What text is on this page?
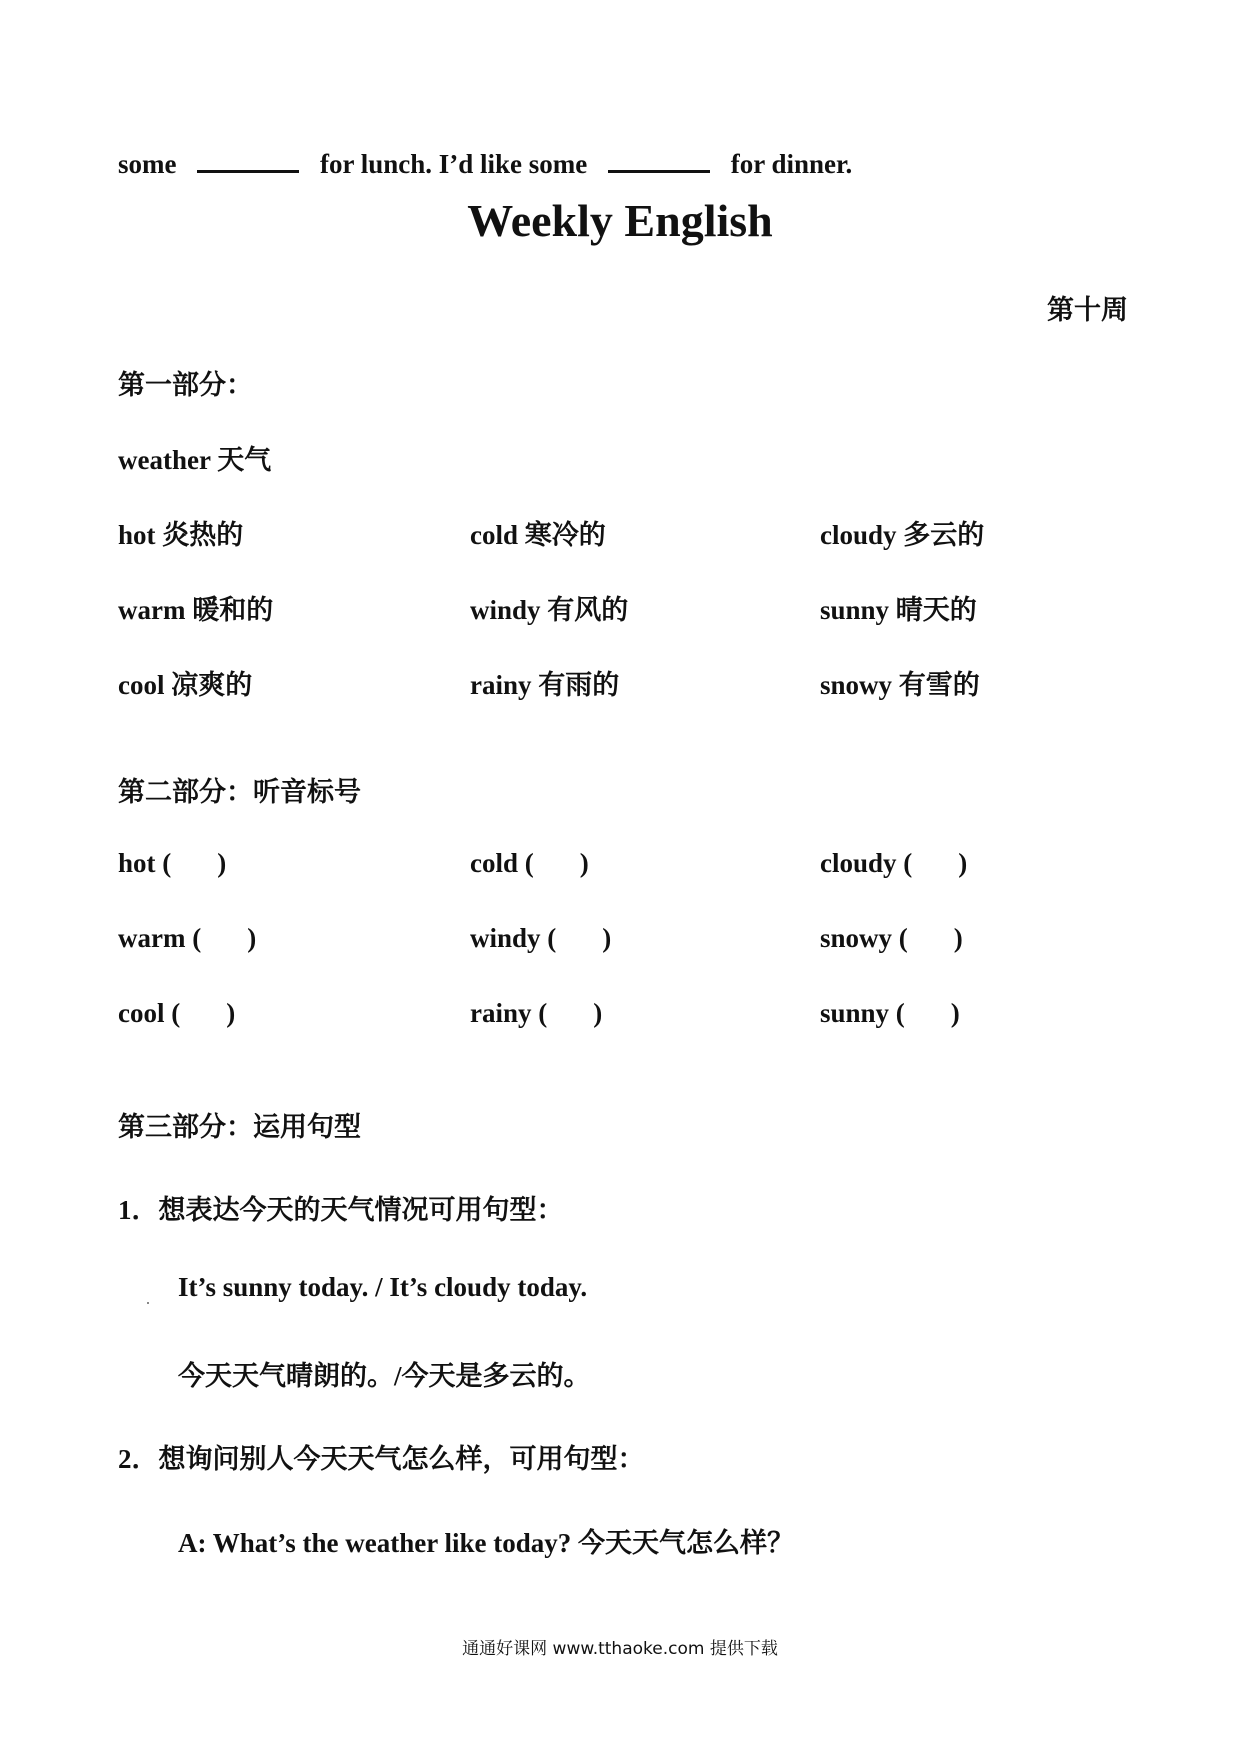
some	for lunch. I’d like some	for dinner.
Weekly English
第十周
第一部分：
weather 天气
hot 炎热的	cold 寒冷的	cloudy 多云的
warm 暖和的	windy 有风的	sunny 晴天的
cool 凉爽的	rainy 有雨的	snowy 有雪的
第二部分：听音标号
hot ( )	cold ( )	cloudy ( )
warm ( )	windy ( )	snowy ( )
cool ( )	rainy ( )	sunny ( )
第三部分：运用句型
1．想表达今天的天气情况可用句型：
It’s sunny today. / It’s cloudy today.
今天天气晴朗的。/今天是多云的。
2．想询问别人今天天气怎么样，可用句型：
A: What’s the weather like today? 今天天气怎么样？
通通好课网 www.tthaoke.com 提供下载
